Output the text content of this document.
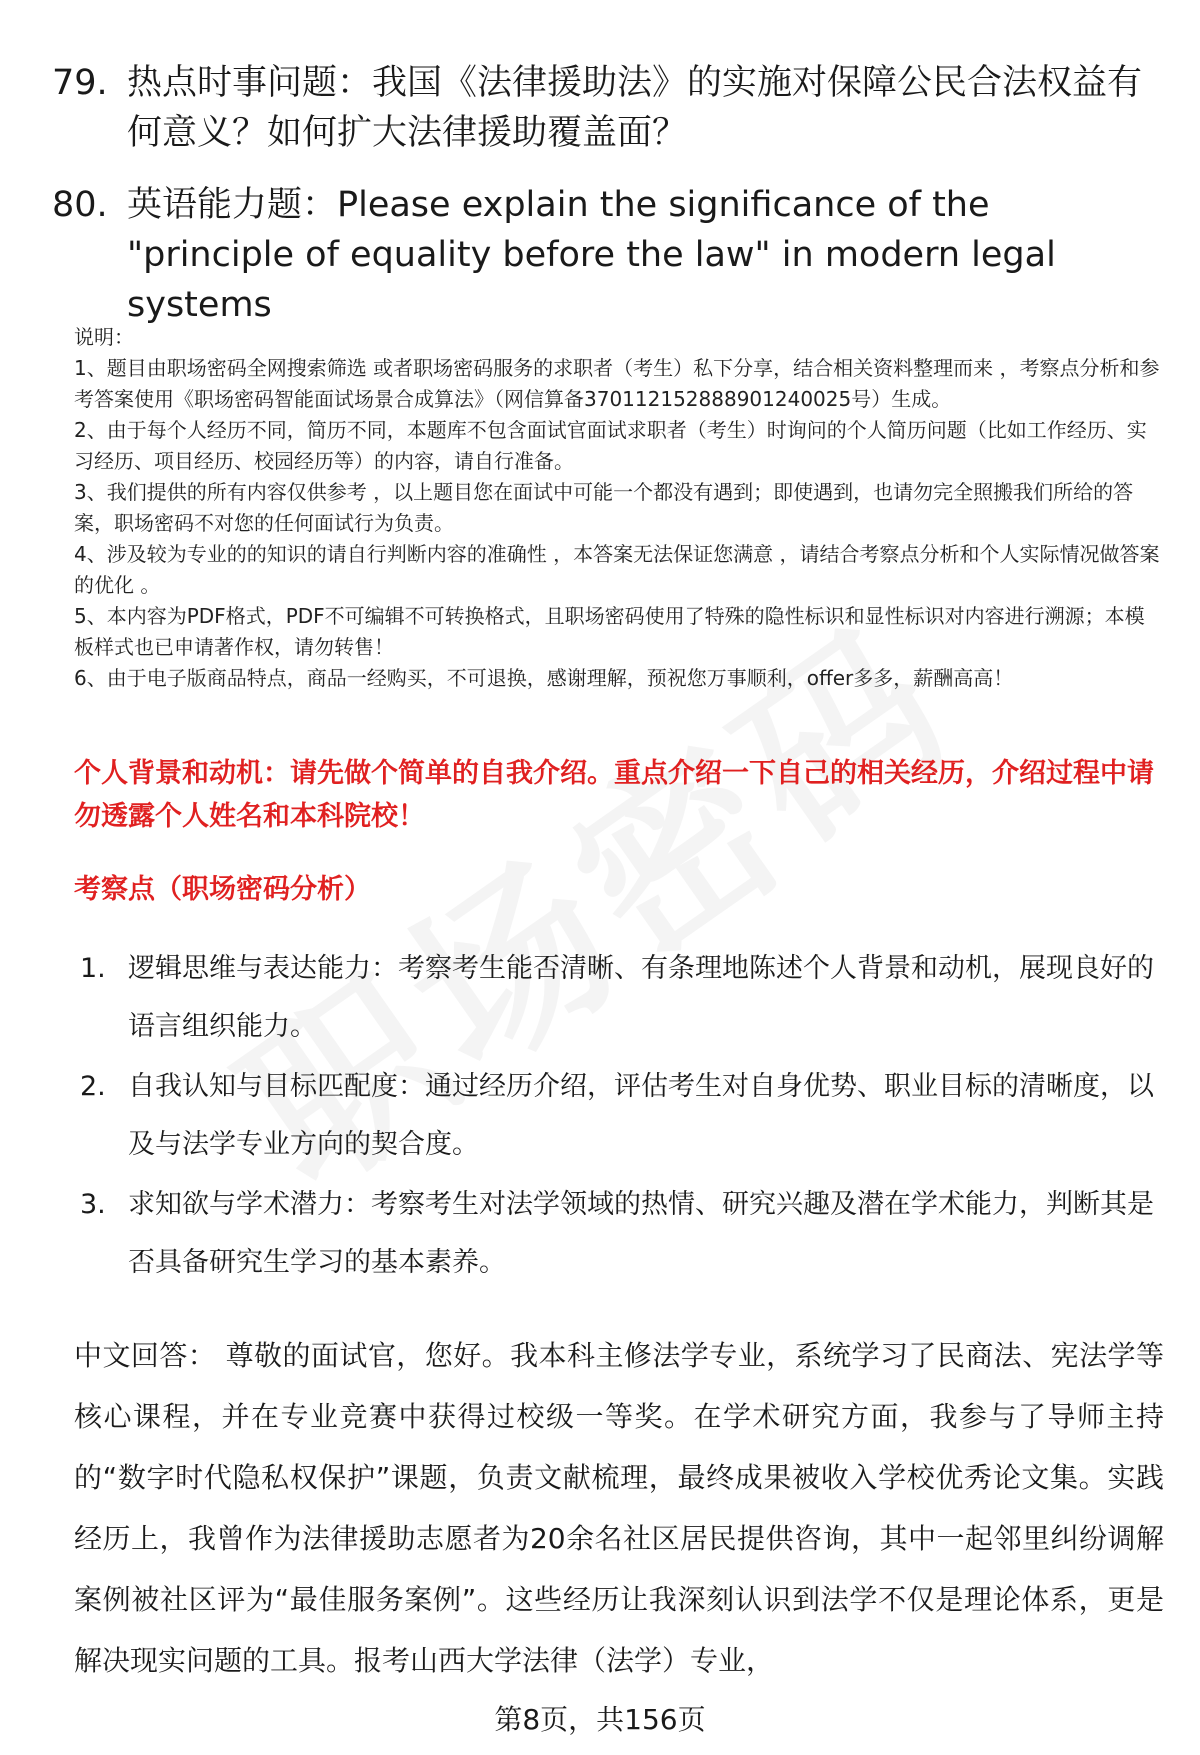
79. 热点时事问题：我国《法律援助法》的实施对保障公民合法权益有何意义？如何扩大法律援助覆盖面？
80. 英语能力题：Please explain the significance of the "principle of equality before the law" in modern legal systems

说明：

1、题目由职场密码全网搜索筛选 或者职场密码服务的求职者（考生）私下分享，结合相关资料整理而来 ，考察点分析和参考答案使用《职场密码智能面试场景合成算法》（网信算备370112152888901240025号）生成。

2、由于每个人经历不同，简历不同，本题库不包含面试官面试求职者（考生）时询问的个人简历问题（比如工作经历、实习经历、项目经历、校园经历等）的内容，请自行准备。

3、我们提供的所有内容仅供参考 ，以上题目您在面试中可能一个都没有遇到；即使遇到，也请勿完全照搬我们所给的答案，职场密码不对您的任何面试行为负责。

4、涉及较为专业的的知识的请自行判断内容的准确性 ，本答案无法保证您满意 ，请结合考察点分析和个人实际情况做答案的优化 。

5、本内容为PDF格式，PDF不可编辑不可转换格式，且职场密码使用了特殊的隐性标识和显性标识对内容进行溯源；本模板样式也已申请著作权，请勿转售！

6、由于电子版商品特点，商品一经购买，不可退换，感谢理解，预祝您万事顺利，offer多多，薪酬高高！

个人背景和动机：请先做个简单的自我介绍。重点介绍一下自己的相关经历，介绍过程中请勿透露个人姓名和本科院校！

考察点（职场密码分析）

1. 逻辑思维与表达能力：考察考生能否清晰、有条理地陈述个人背景和动机，展现良好的语言组织能力。
2. 自我认知与目标匹配度：通过经历介绍，评估考生对自身优势、职业目标的清晰度，以及与法学专业方向的契合度。
3. 求知欲与学术潜力：考察考生对法学领域的热情、研究兴趣及潜在学术能力，判断其是否具备研究生学习的基本素养。

中文回答： 尊敬的面试官，您好。我本科主修法学专业，系统学习了民商法、宪法学等核心课程，并在专业竞赛中获得过校级一等奖。在学术研究方面，我参与了导师主持的“数字时代隐私权保护”课题，负责文献梳理，最终成果被收入学校优秀论文集。实践经历上，我曾作为法律援助志愿者为20余名社区居民提供咨询，其中一起邻里纠纷调解案例被社区评为“最佳服务案例”。这些经历让我深刻认识到法学不仅是理论体系，更是解决现实问题的工具。报考山西大学法律（法学）专业，

第8页，共156页
